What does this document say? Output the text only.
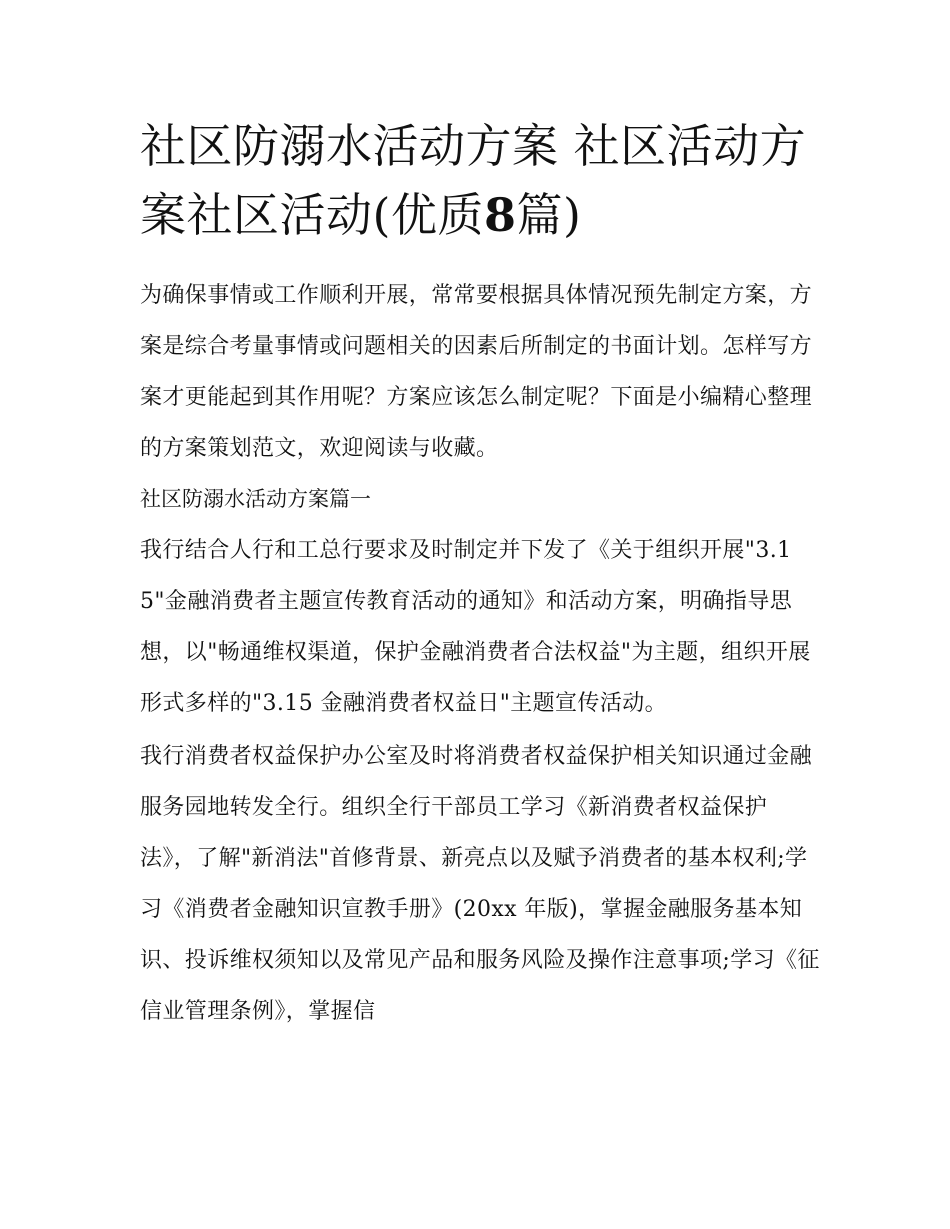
社区防溺水活动方案 社区活动方案社区活动(优质8篇)

为确保事情或工作顺利开展，常常要根据具体情况预先制定方案，方案是综合考量事情或问题相关的因素后所制定的书面计划。怎样写方案才更能起到其作用呢？方案应该怎么制定呢？下面是小编精心整理的方案策划范文，欢迎阅读与收藏。

社区防溺水活动方案篇一

我行结合人行和工总行要求及时制定并下发了《关于组织开展"3.15"金融消费者主题宣传教育活动的通知》和活动方案，明确指导思想，以"畅通维权渠道，保护金融消费者合法权益"为主题，组织开展形式多样的"3.15 金融消费者权益日"主题宣传活动。

我行消费者权益保护办公室及时将消费者权益保护相关知识通过金融服务园地转发全行。组织全行干部员工学习《新消费者权益保护法》，了解"新消法"首修背景、新亮点以及赋予消费者的基本权利;学习《消费者金融知识宣教手册》(20xx 年版)，掌握金融服务基本知识、投诉维权须知以及常见产品和服务风险及操作注意事项;学习《征信业管理条例》，掌握信
